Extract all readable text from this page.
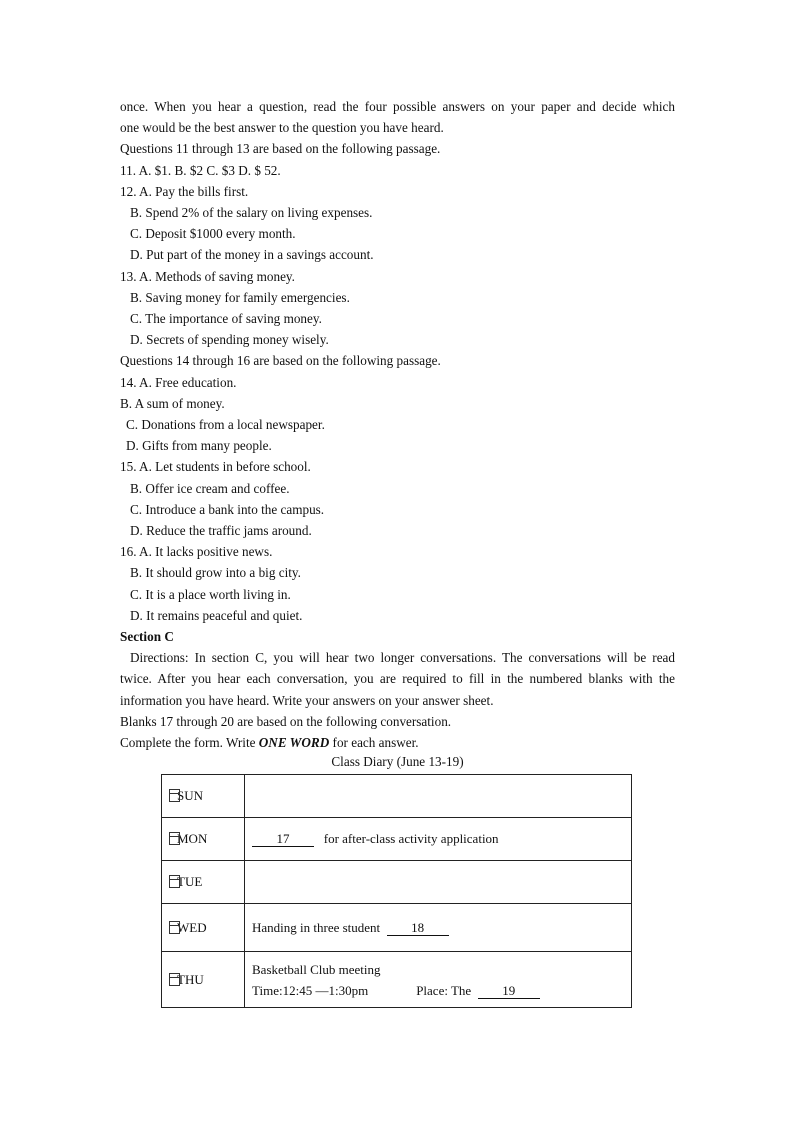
once. When you hear a question, read the four possible answers on your paper and decide which
one would be the best answer to the question you have heard.
Questions 11 through 13 are based on the following passage.
11. A. $1. B. $2 C. $3 D. $ 52.
12. A. Pay the bills first.
B. Spend 2% of the salary on living expenses.
C. Deposit $1000 every month.
D. Put part of the money in a savings account.
13. A. Methods of saving money.
B. Saving money for family emergencies.
C. The importance of saving money.
D. Secrets of spending money wisely.
Questions 14 through 16 are based on the following passage.
14. A. Free education.
B. A sum of money.
C. Donations from a local newspaper.
D. Gifts from many people.
15. A. Let students in before school.
B. Offer ice cream and coffee.
C. Introduce a bank into the campus.
D. Reduce the traffic jams around.
16. A. It lacks positive news.
B. It should grow into a big city.
C. It is a place worth living in.
D. It remains peaceful and quiet.
Section C
Directions: In section C, you will hear two longer conversations. The conversations will be read
twice. After you hear each conversation, you are required to fill in the numbered blanks with the
information you have heard. Write your answers on your answer sheet.
Blanks 17 through 20 are based on the following conversation.
Complete the form. Write ONE WORD for each answer.
Class Diary (June 13-19)
SUN	
MON	17 for after-class activity application
TUE	
WED	Handing in three student 18
THU	Basketball Club meeting
Time:12:45 —1:30pm Place: The 19
